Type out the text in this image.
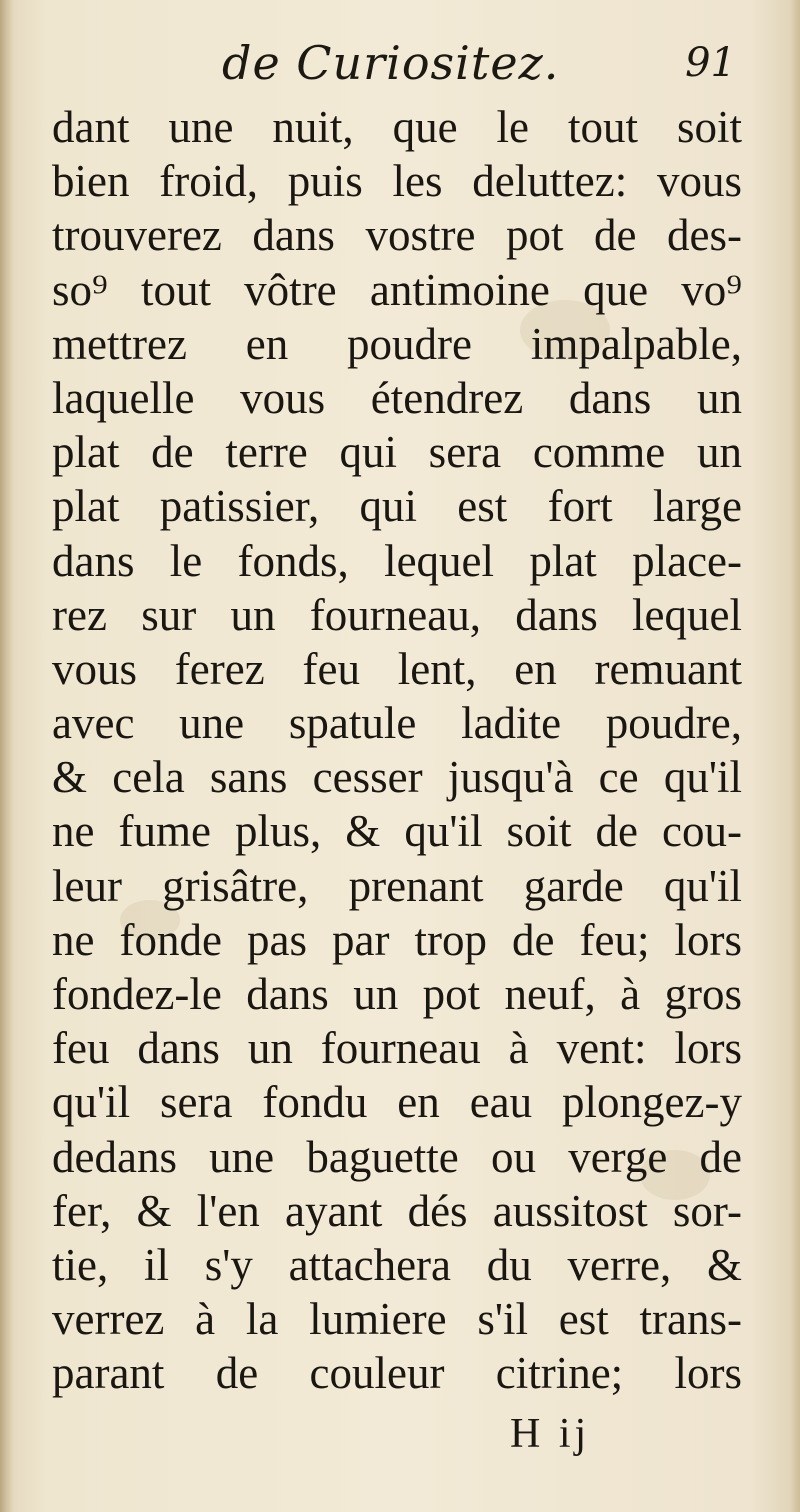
de Curiositez.	91
dant une nuit, que le tout soit
bien froid, puis les deluttez: vous
trouverez dans vostre pot de des-
so⁹ tout vôtre antimoine que vo⁹
mettrez en poudre impalpable,
laquelle vous étendrez dans un
plat de terre qui sera comme un
plat patissier, qui est fort large
dans le fonds, lequel plat place-
rez sur un fourneau, dans lequel
vous ferez feu lent, en remuant
avec une spatule ladite poudre,
& cela sans cesser jusqu'à ce qu'il
ne fume plus, & qu'il soit de cou-
leur grisâtre, prenant garde qu'il
ne fonde pas par trop de feu; lors
fondez-le dans un pot neuf, à gros
feu dans un fourneau à vent: lors
qu'il sera fondu en eau plongez-y
dedans une baguette ou verge de
fer, & l'en ayant dés aussitost sor-
tie, il s'y attachera du verre, &
verrez à la lumiere s'il est trans-
parant de couleur citrine; lors
H ij
